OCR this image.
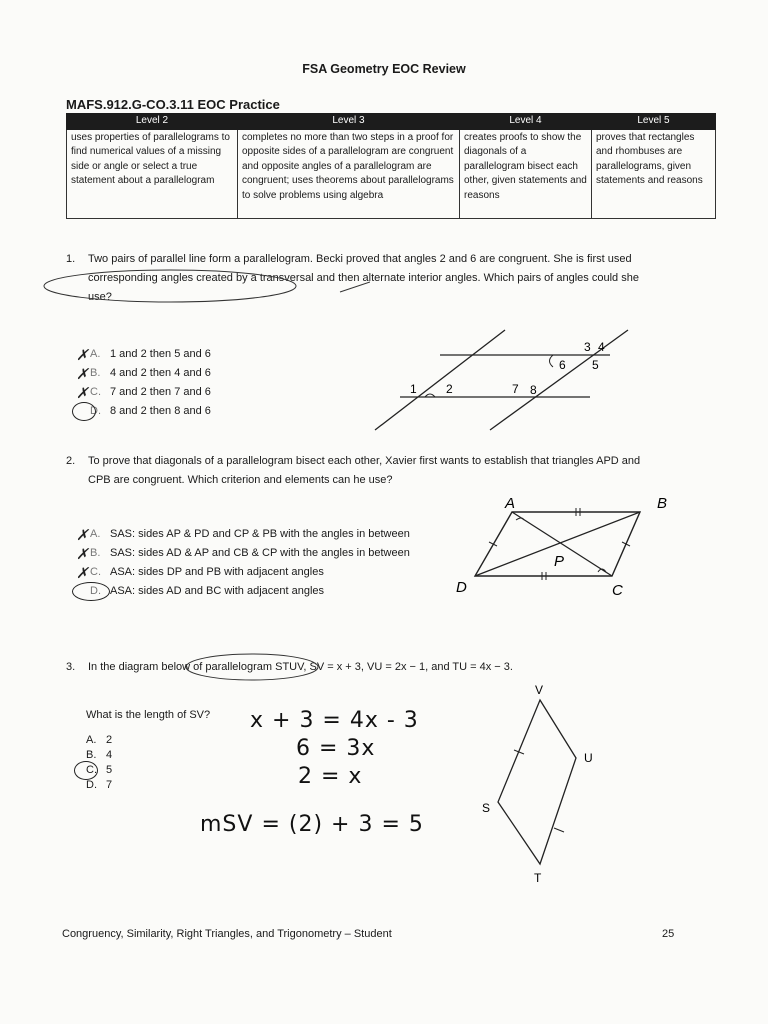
FSA Geometry EOC Review
MAFS.912.G-CO.3.11 EOC Practice
Level 2	Level 3	Level 4	Level 5
uses properties of parallelograms to find numerical values of a missing side or angle or select a true statement about a parallelogram	completes no more than two steps in a proof for opposite sides of a parallelogram are congruent and opposite angles of a parallelogram are congruent; uses theorems about parallelograms to solve problems using algebra	creates proofs to show the diagonals of a parallelogram bisect each other, given statements and reasons	proves that rectangles and rhombuses are parallelograms, given statements and reasons
1. Two pairs of parallel line form a parallelogram. Becki proved that angles 2 and 6 are congruent. She is first used
corresponding angles created by a transversal and then alternate interior angles. Which pairs of angles could she
use?
✗ A. 1 and 2 then 5 and 6
✗ B. 4 and 2 then 4 and 6
✗ C. 7 and 2 then 7 and 6
D. 8 and 2 then 8 and 6
1 2
3 4
5
6
7 8
2. To prove that diagonals of a parallelogram bisect each other, Xavier first wants to establish that triangles APD and
CPB are congruent. Which criterion and elements can he use?
✗ A. SAS: sides AP & PD and CP & PB with the angles in between
✗ B. SAS: sides AD & AP and CB & CP with the angles in between
✗ C. ASA: sides DP and PB with adjacent angles
D. ASA: sides AD and BC with adjacent angles
A	B
C
D
P
3. In the diagram below of parallelogram STUV, SV = x + 3, VU = 2x − 1, and TU = 4x − 3.
What is the length of SV?
A. 2
B. 4
C. 5
D. 7
x + 3 = 4x - 3
6 = 3x
2 = x
mSV = (2) + 3 = 5
V
U
S
T
Congruency, Similarity, Right Triangles, and Trigonometry – Student	25
